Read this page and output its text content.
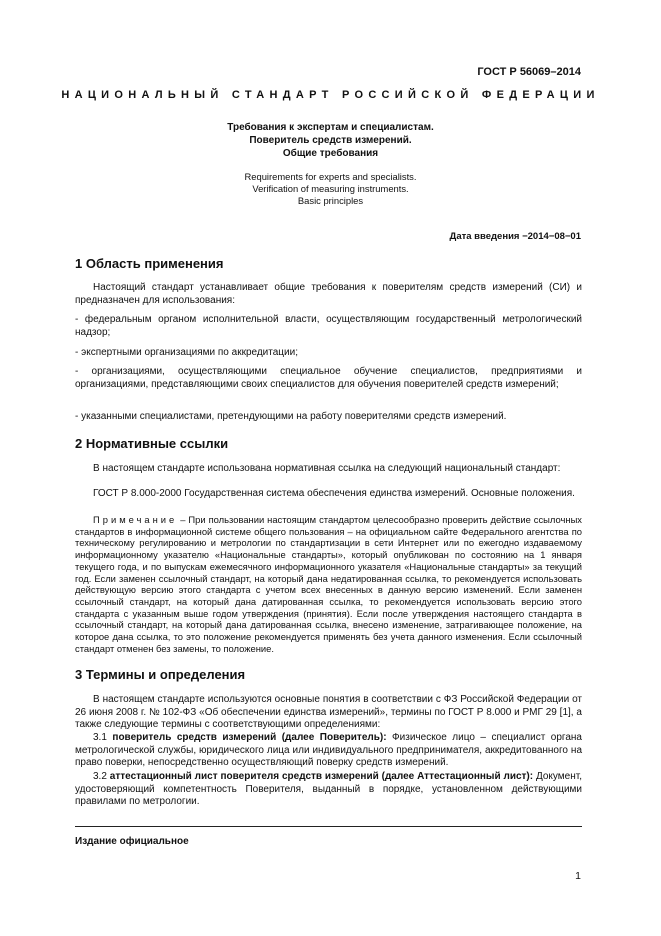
ГОСТ Р 56069–2014
НАЦИОНАЛЬНЫЙ СТАНДАРТ РОССИЙСКОЙ ФЕДЕРАЦИИ
Требования к экспертам и специалистам.
Поверитель средств измерений.
Общие требования
Requirements for experts and specialists.
Verification of measuring instruments.
Basic principles
Дата введения −2014−08−01
1 Область применения
Настоящий стандарт устанавливает общие требования к поверителям средств измерений (СИ) и предназначен для использования:
- федеральным органом исполнительной власти, осуществляющим государственный метрологический надзор;
- экспертными организациями по аккредитации;
- организациями, осуществляющими специальное обучение специалистов, предприятиями и организациями, представляющими своих специалистов для обучения поверителей средств измерений;
- указанными специалистами, претендующими на работу поверителями средств измерений.
2 Нормативные ссылки
В настоящем стандарте использована нормативная ссылка на следующий национальный стандарт:
ГОСТ Р 8.000-2000 Государственная система обеспечения единства измерений. Основные положения.
Примечание – При пользовании настоящим стандартом целесообразно проверить действие ссылочных стандартов в информационной системе общего пользования – на официальном сайте Федерального агентства по техническому регулированию и метрологии по стандартизации в сети Интернет или по ежегодно издаваемому информационному указателю «Национальные стандарты», который опубликован по состоянию на 1 января текущего года, и по выпускам ежемесячного информационного указателя «Национальные стандарты» за текущий год. Если заменен ссылочный стандарт, на который дана недатированная ссылка, то рекомендуется использовать действующую версию этого стандарта с учетом всех внесенных в данную версию изменений. Если заменен ссылочный стандарт, на который дана датированная ссылка, то рекомендуется использовать версию этого стандарта с указанным выше годом утверждения (принятия). Если после утверждения настоящего стандарта в ссылочный стандарт, на который дана датированная ссылка, внесено изменение, затрагивающее положение, на которое дана ссылка, то это положение рекомендуется применять без учета данного изменения. Если ссылочный стандарт отменен без замены, то положение.
3 Термины и определения
В настоящем стандарте используются основные понятия в соответствии с ФЗ Российской Федерации от 26 июня 2008 г. № 102-ФЗ «Об обеспечении единства измерений», термины по ГОСТ Р 8.000 и РМГ 29 [1], а также следующие термины с соответствующими определениями:
3.1 поверитель средств измерений (далее Поверитель): Физическое лицо – специалист органа метрологической службы, юридического лица или индивидуального предпринимателя, аккредитованного на право поверки, непосредственно осуществляющий поверку средств измерений.
3.2 аттестационный лист поверителя средств измерений (далее Аттестационный лист): Документ, удостоверяющий компетентность Поверителя, выданный в порядке, установленном действующими правилами по метрологии.
Издание официальное
1
